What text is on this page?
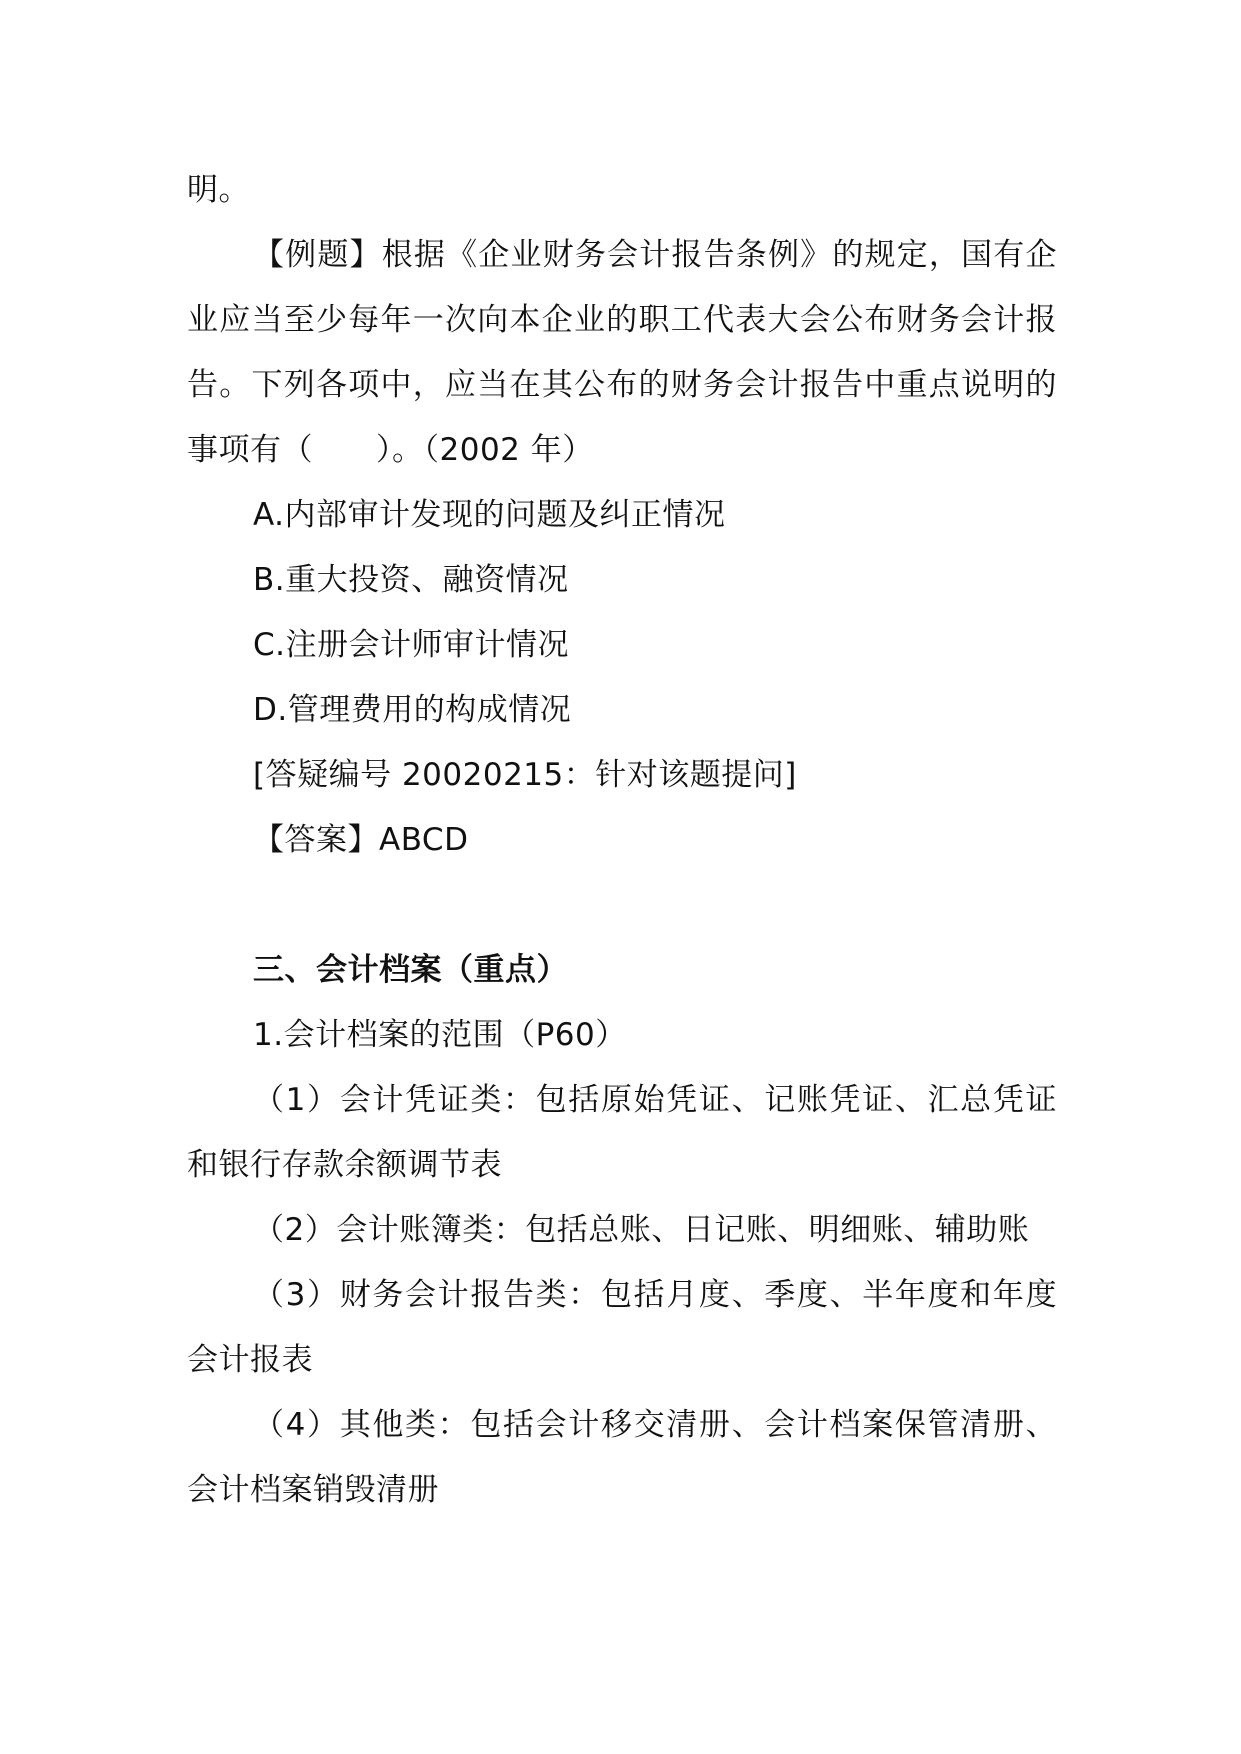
明。

【例题】根据《企业财务会计报告条例》的规定，国有企业应当至少每年一次向本企业的职工代表大会公布财务会计报告。下列各项中，应当在其公布的财务会计报告中重点说明的事项有（　　）。（2002 年）

A.内部审计发现的问题及纠正情况

B.重大投资、融资情况

C.注册会计师审计情况

D.管理费用的构成情况

[答疑编号 20020215：针对该题提问]

【答案】ABCD

三、会计档案（重点）

1.会计档案的范围（P60）

（1）会计凭证类：包括原始凭证、记账凭证、汇总凭证和银行存款余额调节表

（2）会计账簿类：包括总账、日记账、明细账、辅助账

（3）财务会计报告类：包括月度、季度、半年度和年度会计报表

（4）其他类：包括会计移交清册、会计档案保管清册、会计档案销毁清册
